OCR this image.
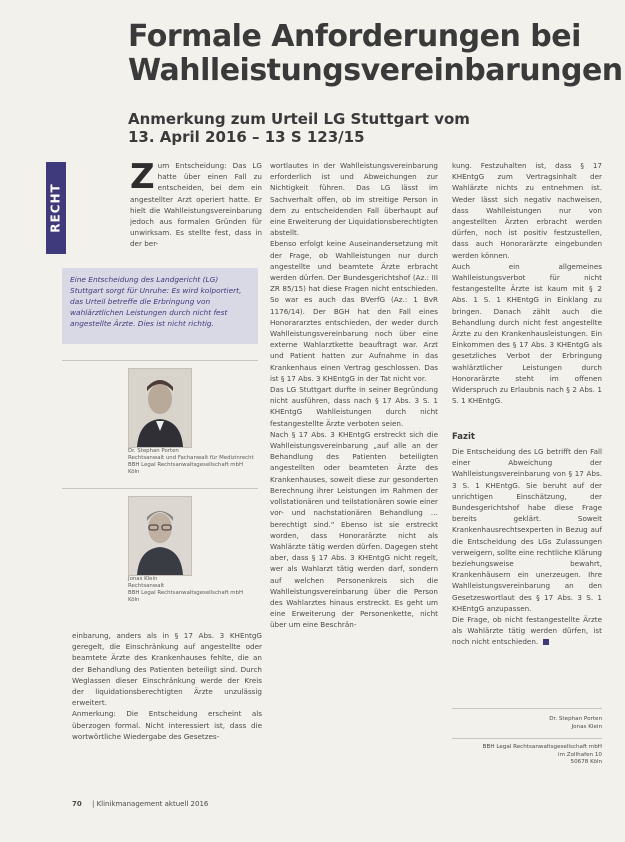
Formale Anforderungen bei
Wahlleistungsvereinbarungen
Anmerkung zum Urteil LG Stuttgart vom
13. April 2016 – 13 S 123/15
RECHT
Z um Entscheidung: Das LG hatte über einen Fall zu entscheiden, bei dem ein angestellter Arzt operiert hatte. Er hielt die Wahlleistungsvereinbarung jedoch aus formalen Gründen für unwirksam. Es stellte fest, dass in der ber-

Eine Entscheidung des Landgericht (LG) Stuttgart sorgt für Unruhe: Es wird kolportiert, das Urteil betreffe die Erbringung von wahlärztlichen Leistungen durch nicht fest angestellte Ärzte. Dies ist nicht richtig.
Dr. Stephan Porten
Rechtsanwalt und Fachanwalt für Medizinrecht
BBH Legal Rechtsanwaltsgesellschaft mbH
Köln
Jonas Klein
Rechtsanwalt
BBH Legal Rechtsanwaltsgesellschaft mbH
Köln

einbarung, anders als in § 17 Abs. 3 KHEntgG geregelt, die Einschränkung auf angestellte oder beamtete Ärzte des Krankenhauses fehlte, die an der Behandlung des Patienten beteiligt sind. Durch Weglassen dieser Einschränkung werde der Kreis der liquidationsberechtigten Ärzte unzulässig erweitert.

Anmerkung: Die Entscheidung erscheint als überzogen formal. Nicht interessiert ist, dass die wortwörtliche Wiedergabe des Gesetzes-

wortlautes in der Wahlleistungsvereinbarung erforderlich ist und Abweichungen zur Nichtigkeit führen. Das LG lässt im Sachverhalt offen, ob im streitige Person in dem zu entscheidenden Fall überhaupt auf eine Erweiterung der Liquidationsberechtigten abstellt.

Ebenso erfolgt keine Auseinandersetzung mit der Frage, ob Wahlleistungen nur durch angestellte und beamtete Ärzte erbracht werden dürfen. Der Bundesgerichtshof (Az.: III ZR 85/15) hat diese Fragen nicht entschieden. So war es auch das BVerfG (Az.: 1 BvR 1176/14). Der BGH hat den Fall eines Honorararztes entschieden, der weder durch Wahlleistungsvereinbarung noch über eine externe Wahlarztkette beauftragt war. Arzt und Patient hatten zur Aufnahme in das Krankenhaus einen Vertrag geschlossen. Das ist § 17 Abs. 3 KHEntgG in der Tat nicht vor.

Das LG Stuttgart durfte in seiner Begründung nicht ausführen, dass nach § 17 Abs. 3 S. 1 KHEntgG Wahlleistungen durch nicht festangestellte Ärzte verboten seien.

Nach § 17 Abs. 3 KHEntgG erstreckt sich die Wahlleistungsvereinbarung „auf alle an der Behandlung des Patienten beteiligten angestellten oder beamteten Ärzte des Krankenhauses, soweit diese zur gesonderten Berechnung ihrer Leistungen im Rahmen der vollstationären und teilstationären sowie einer vor- und nachstationären Behandlung … berechtigt sind.“ Ebenso ist sie erstreckt worden, dass Honorarärzte nicht als Wahlärzte tätig werden dürfen. Dagegen steht aber, dass § 17 Abs. 3 KHEntgG nicht regelt, wer als Wahlarzt tätig werden darf, sondern auf welchen Personenkreis sich die Wahlleistungsvereinbarung über die Person des Wahlarztes hinaus erstreckt. Es geht um eine Erweiterung der Personenkette, nicht über um eine Beschrän-

kung. Festzuhalten ist, dass § 17 KHEntgG zum Vertragsinhalt der Wahlärzte nichts zu entnehmen ist. Weder lässt sich negativ nachweisen, dass Wahlleistungen nur von angestellten Ärzten erbracht werden dürfen, noch ist positiv festzustellen, dass auch Honorarärzte eingebunden werden können.

Auch ein allgemeines Wahlleistungsverbot für nicht festangestellte Ärzte ist kaum mit § 2 Abs. 1 S. 1 KHEntgG in Einklang zu bringen. Danach zählt auch die Behandlung durch nicht fest angestellte Ärzte zu den Krankenhausleistungen. Ein Einkommen des § 17 Abs. 3 KHEntgG als gesetzliches Verbot der Erbringung wahlärztlicher Leistungen durch Honorarärzte steht im offenen Widerspruch zu Erlaubnis nach § 2 Abs. 1 S. 1 KHEntgG.

Fazit

Die Entscheidung des LG betrifft den Fall einer Abweichung der Wahlleistungsvereinbarung von § 17 Abs. 3 S. 1 KHEntgG. Sie beruht auf der unrichtigen Einschätzung, der Bundesgerichtshof habe diese Frage bereits geklärt. Soweit Krankenhausrechtsexperten in Bezug auf die Entscheidung des LGs Zulassungen verweigern, sollte eine rechtliche Klärung beziehungsweise bewahrt, Krankenhäusern ein unerzeugen. Ihre Wahlleistungsvereinbarung an den Gesetzeswortlaut des § 17 Abs. 3 S. 1 KHEntgG anzupassen.

Die Frage, ob nicht festangestellte Ärzte als Wahlärzte tätig werden dürfen, ist noch nicht entschieden.

Dr. Stephan Porten
Jonas Klein
BBH Legal Rechtsanwaltsgesellschaft mbH
im Zollhafen 10
50678 Köln
70 | Klinikmanagement aktuell 2016
